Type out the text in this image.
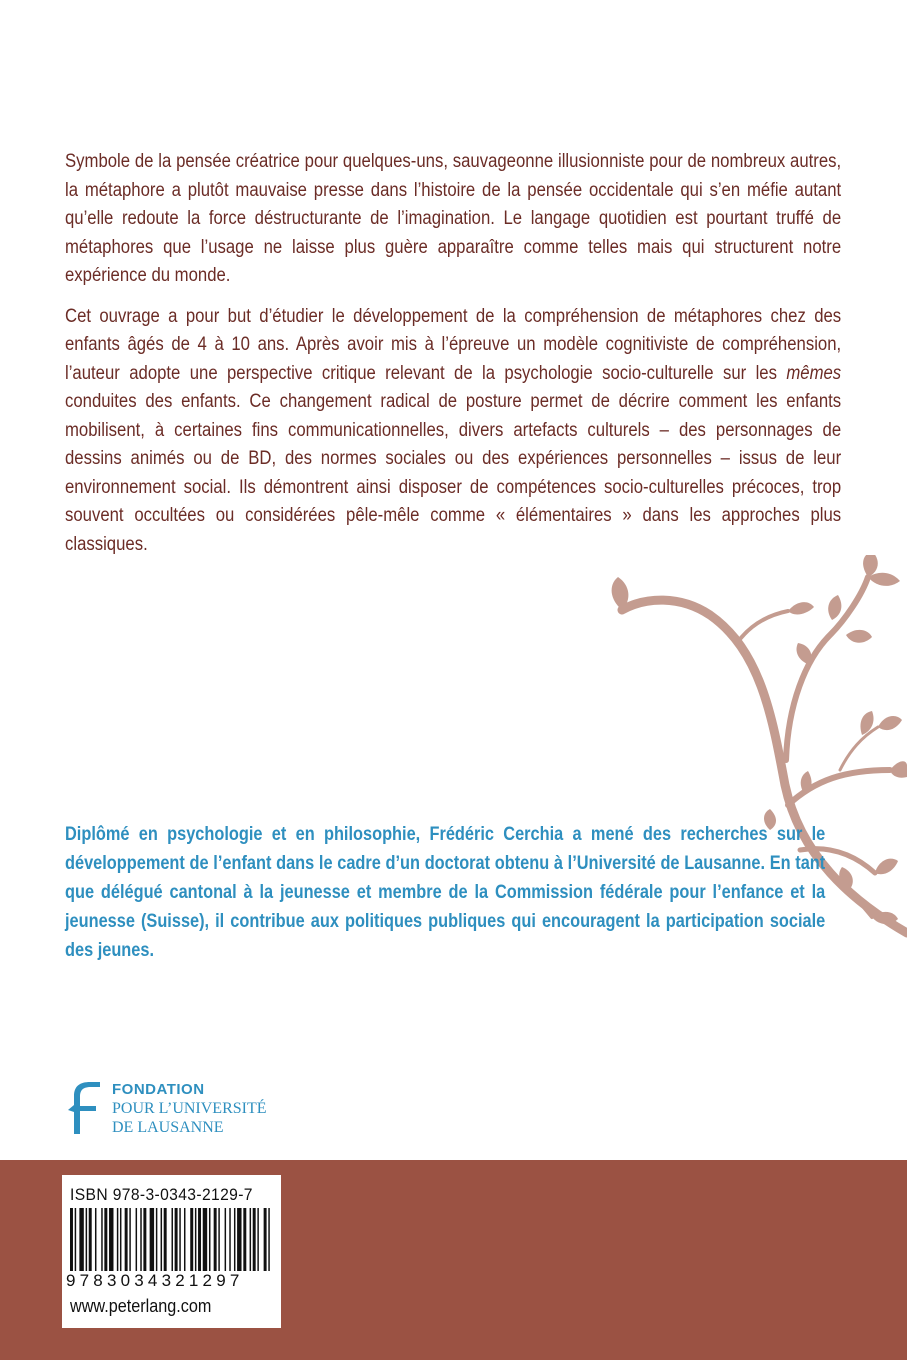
Symbole de la pensée créatrice pour quelques-uns, sauvageonne illusionniste pour de nombreux autres, la métaphore a plutôt mauvaise presse dans l’histoire de la pensée occidentale qui s’en méfie autant qu’elle redoute la force déstructurante de l’imagination. Le langage quotidien est pourtant truffé de métaphores que l’usage ne laisse plus guère apparaître comme telles mais qui structurent notre expérience du monde.

Cet ouvrage a pour but d’étudier le développement de la compréhension de métaphores chez des enfants âgés de 4 à 10 ans. Après avoir mis à l’épreuve un modèle cognitiviste de compréhension, l’auteur adopte une perspective critique relevant de la psychologie socio-culturelle sur les mêmes conduites des enfants. Ce changement radical de posture permet de décrire comment les enfants mobilisent, à certaines fins communicationnelles, divers artefacts culturels – des personnages de dessins animés ou de BD, des normes sociales ou des expériences personnelles – issus de leur environnement social. Ils démontrent ainsi disposer de compétences socio-culturelles précoces, trop souvent occultées ou considérées pêle-mêle comme « élémentaires » dans les approches plus classiques.

Diplômé en psychologie et en philosophie, Frédéric Cerchia a mené des recherches sur le développement de l’enfant dans le cadre d’un doctorat obtenu à l’Université de Lausanne. En tant que délégué cantonal à la jeunesse et membre de la Commission fédérale pour l’enfance et la jeunesse (Suisse), il contribue aux politiques publiques qui encouragent la participation sociale des jeunes.
FONDATION
POUR L’UNIVERSITÉ
DE LAUSANNE
ISBN 978-3-0343-2129-7
9783034321297
www.peterlang.com
